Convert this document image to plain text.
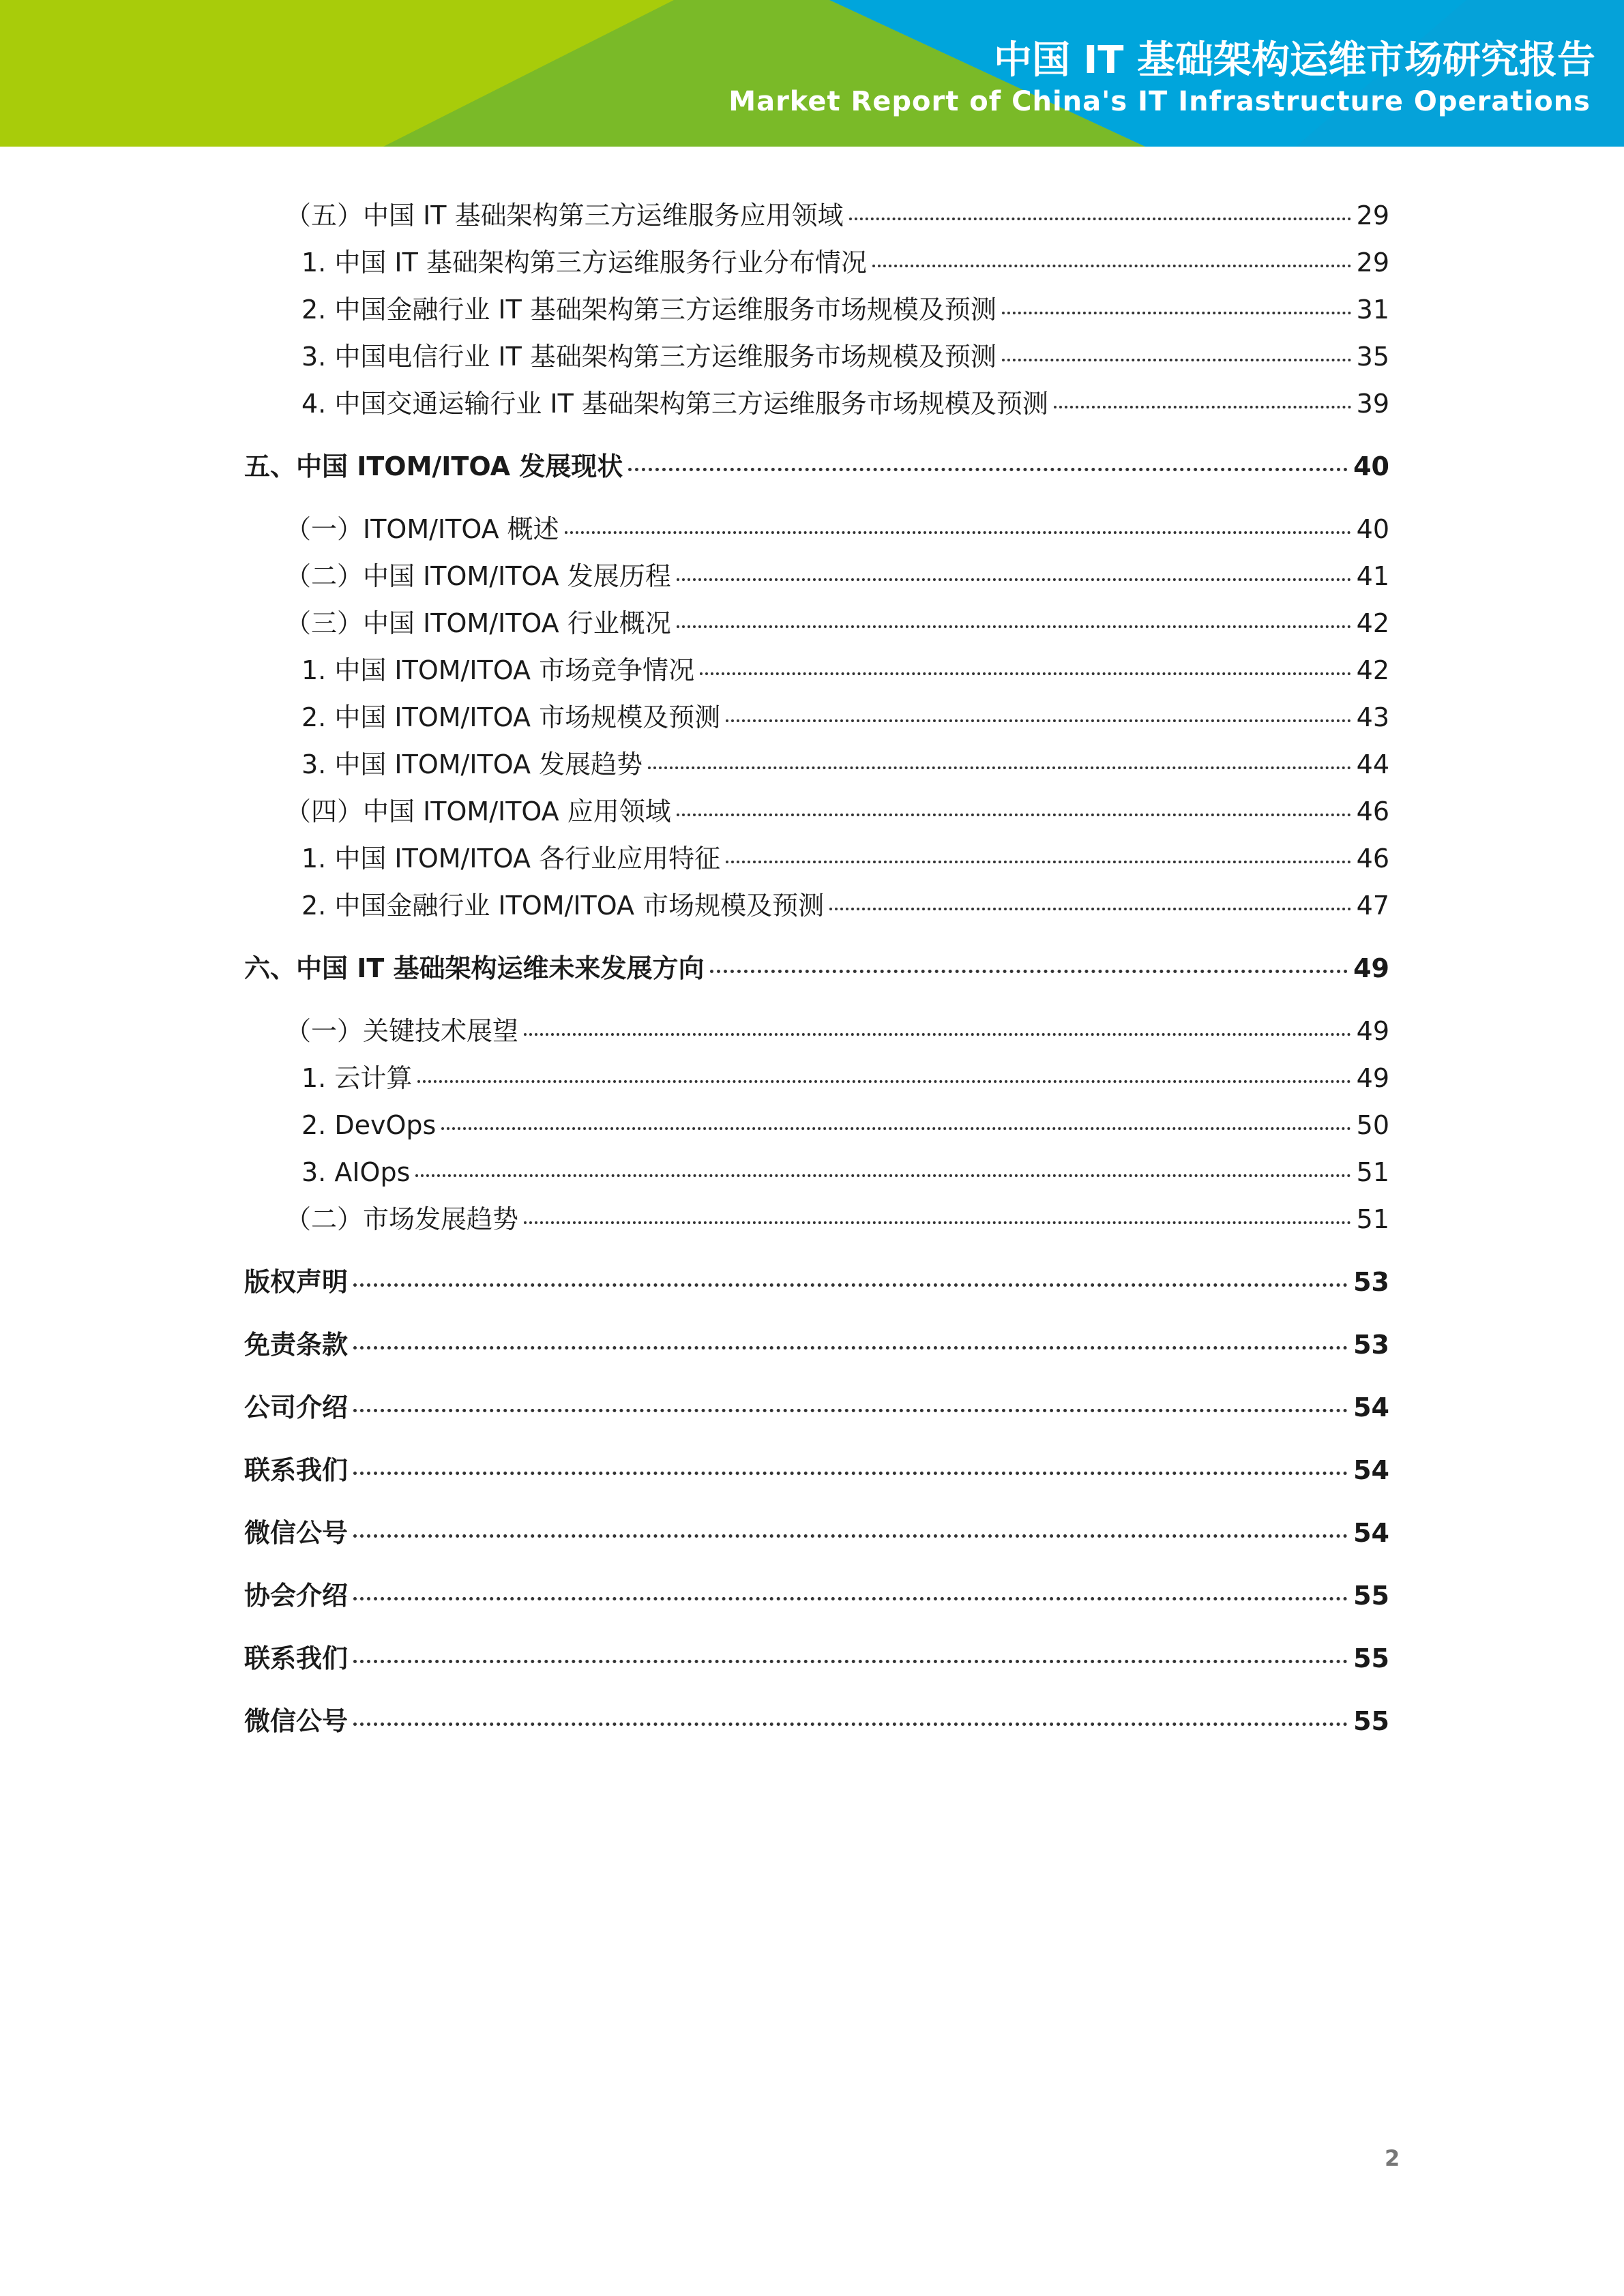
中国 IT 基础架构运维市场研究报告
Market Report of China's IT Infrastructure Operations
（五）中国 IT 基础架构第三方运维服务应用领域	29
1. 中国 IT 基础架构第三方运维服务行业分布情况	29
2. 中国金融行业 IT 基础架构第三方运维服务市场规模及预测	31
3. 中国电信行业 IT 基础架构第三方运维服务市场规模及预测	35
4. 中国交通运输行业 IT 基础架构第三方运维服务市场规模及预测	39
五、中国 ITOM/ITOA 发展现状	40
（一）ITOM/ITOA 概述	40
（二）中国 ITOM/ITOA 发展历程	41
（三）中国 ITOM/ITOA 行业概况	42
1. 中国 ITOM/ITOA 市场竞争情况	42
2. 中国 ITOM/ITOA 市场规模及预测	43
3. 中国 ITOM/ITOA 发展趋势	44
（四）中国 ITOM/ITOA 应用领域	46
1. 中国 ITOM/ITOA 各行业应用特征	46
2. 中国金融行业 ITOM/ITOA 市场规模及预测	47
六、中国 IT 基础架构运维未来发展方向	49
（一）关键技术展望	49
1. 云计算	49
2. DevOps	50
3. AIOps	51
（二）市场发展趋势	51
版权声明	53
免责条款	53
公司介绍	54
联系我们	54
微信公号	54
协会介绍	55
联系我们	55
微信公号	55
2
